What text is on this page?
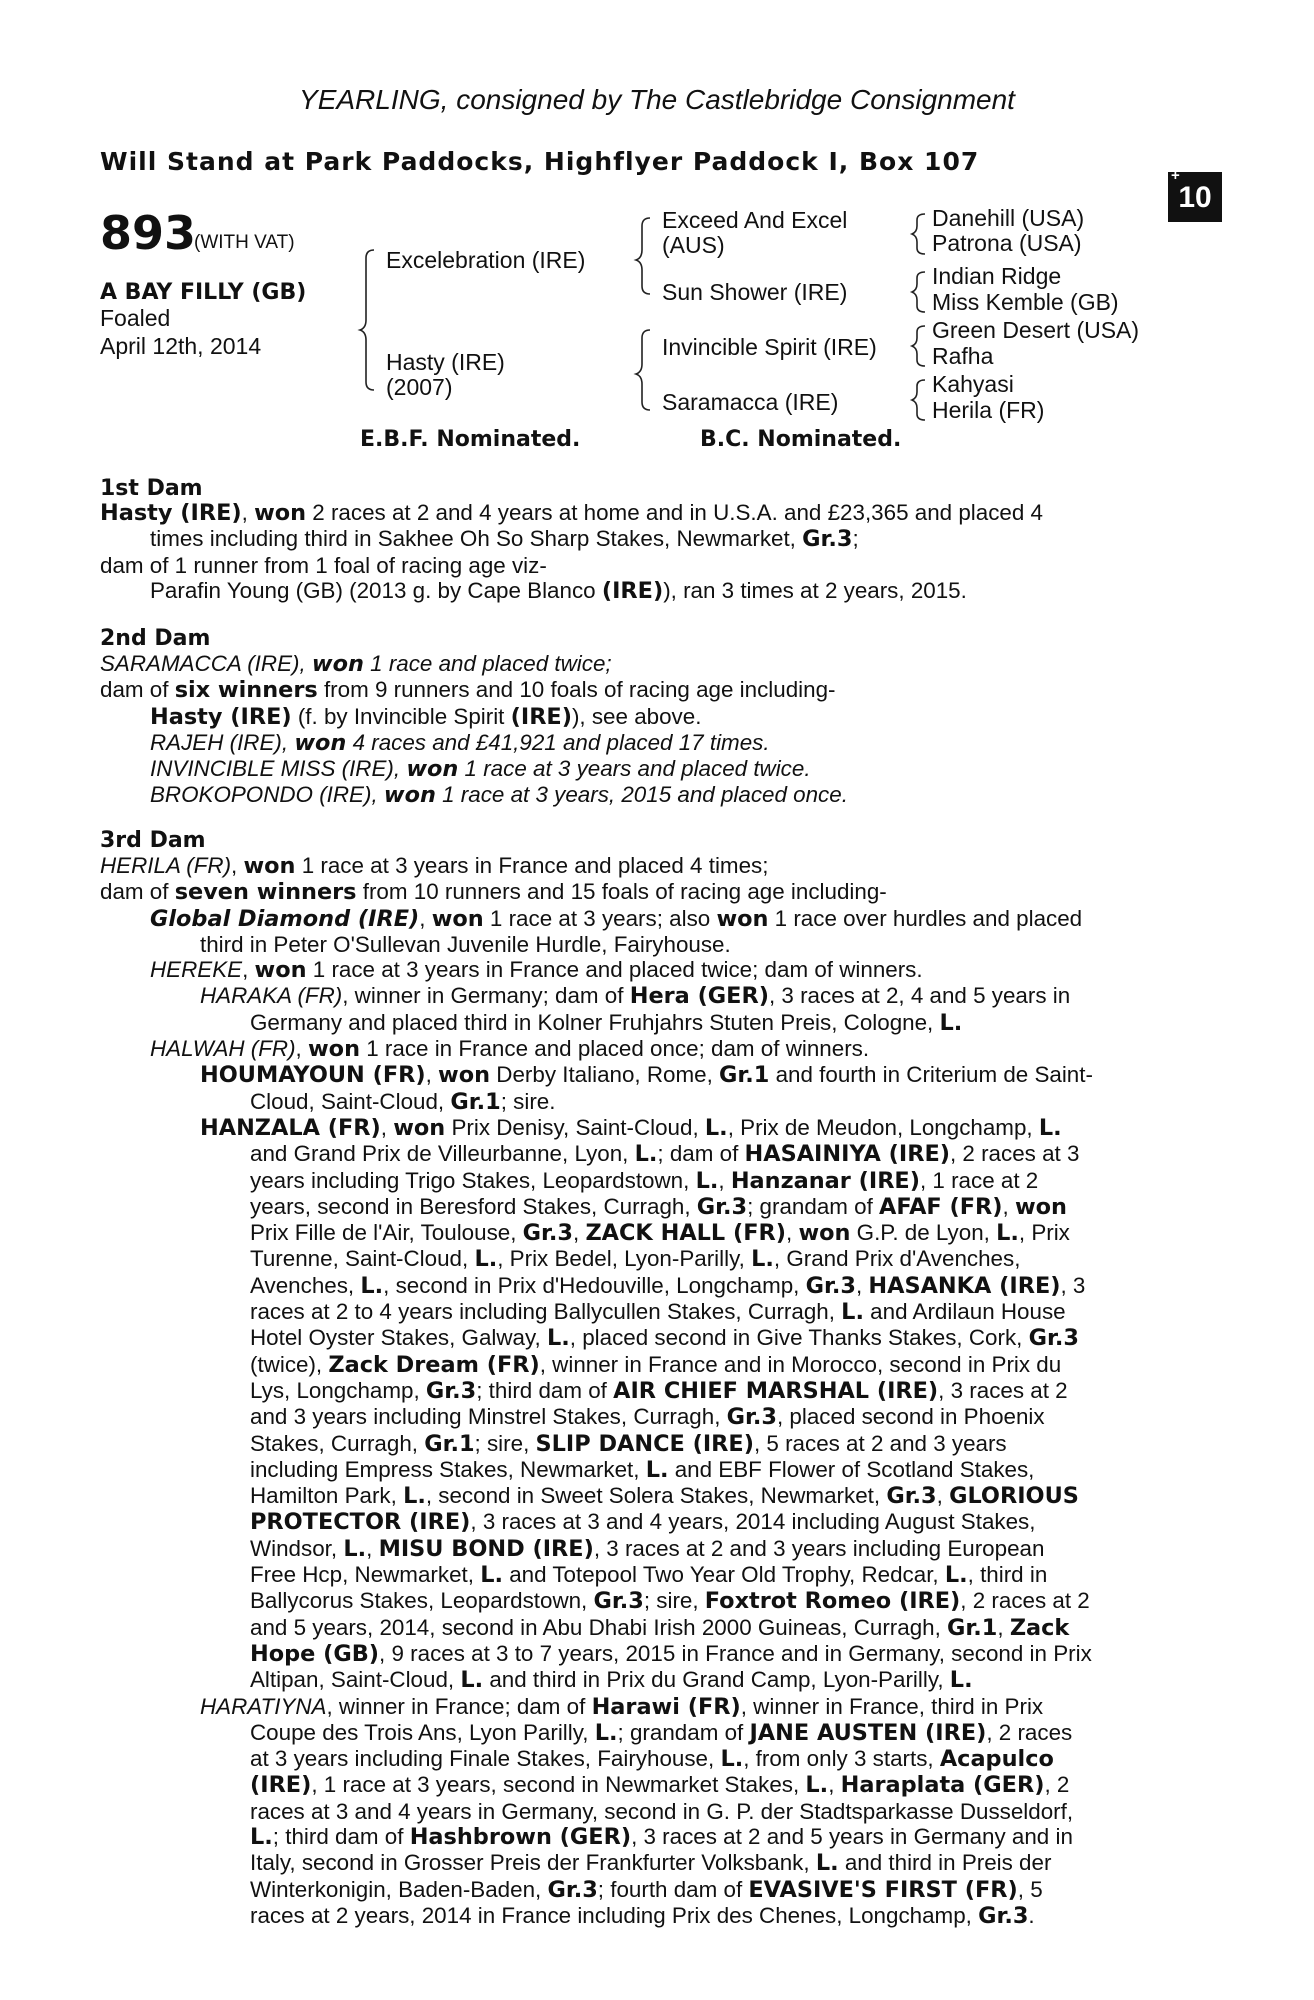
YEARLING, consigned by The Castlebridge Consignment
Will Stand at Park Paddocks, Highflyer Paddock I, Box 107	+
10
893
(WITH VAT)
A BAY FILLY (GB)
Foaled
April 12th, 2014
Excelebration (IRE)
Hasty (IRE)
(2007)
Exceed And Excel
(AUS)
Sun Shower (IRE)
Invincible Spirit (IRE)
Saramacca (IRE)
Danehill (USA)
Patrona (USA)
Indian Ridge
Miss Kemble (GB)
Green Desert (USA)
Rafha
Kahyasi
Herila (FR)
E.B.F. Nominated.	B.C. Nominated.
1st Dam
Hasty (IRE), won 2 races at 2 and 4 years at home and in U.S.A. and £23,365 and placed 4
times including third in Sakhee Oh So Sharp Stakes, Newmarket, Gr.3;
dam of 1 runner from 1 foal of racing age viz-
Parafin Young (GB) (2013 g. by Cape Blanco (IRE)), ran 3 times at 2 years, 2015.
2nd Dam
SARAMACCA (IRE), won 1 race and placed twice;
dam of six winners from 9 runners and 10 foals of racing age including-
Hasty (IRE) (f. by Invincible Spirit (IRE)), see above.
RAJEH (IRE), won 4 races and £41,921 and placed 17 times.
INVINCIBLE MISS (IRE), won 1 race at 3 years and placed twice.
BROKOPONDO (IRE), won 1 race at 3 years, 2015 and placed once.
3rd Dam
HERILA (FR), won 1 race at 3 years in France and placed 4 times;
dam of seven winners from 10 runners and 15 foals of racing age including-
Global Diamond (IRE), won 1 race at 3 years; also won 1 race over hurdles and placed
third in Peter O'Sullevan Juvenile Hurdle, Fairyhouse.
HEREKE, won 1 race at 3 years in France and placed twice; dam of winners.
HARAKA (FR), winner in Germany; dam of Hera (GER), 3 races at 2, 4 and 5 years in
Germany and placed third in Kolner Fruhjahrs Stuten Preis, Cologne, L.
HALWAH (FR), won 1 race in France and placed once; dam of winners.
HOUMAYOUN (FR), won Derby Italiano, Rome, Gr.1 and fourth in Criterium de Saint-
Cloud, Saint-Cloud, Gr.1; sire.
HANZALA (FR), won Prix Denisy, Saint-Cloud, L., Prix de Meudon, Longchamp, L.
and Grand Prix de Villeurbanne, Lyon, L.; dam of HASAINIYA (IRE), 2 races at 3
years including Trigo Stakes, Leopardstown, L., Hanzanar (IRE), 1 race at 2
years, second in Beresford Stakes, Curragh, Gr.3; grandam of AFAF (FR), won
Prix Fille de l'Air, Toulouse, Gr.3, ZACK HALL (FR), won G.P. de Lyon, L., Prix
Turenne, Saint-Cloud, L., Prix Bedel, Lyon-Parilly, L., Grand Prix d'Avenches,
Avenches, L., second in Prix d'Hedouville, Longchamp, Gr.3, HASANKA (IRE), 3
races at 2 to 4 years including Ballycullen Stakes, Curragh, L. and Ardilaun House
Hotel Oyster Stakes, Galway, L., placed second in Give Thanks Stakes, Cork, Gr.3
(twice), Zack Dream (FR), winner in France and in Morocco, second in Prix du
Lys, Longchamp, Gr.3; third dam of AIR CHIEF MARSHAL (IRE), 3 races at 2
and 3 years including Minstrel Stakes, Curragh, Gr.3, placed second in Phoenix
Stakes, Curragh, Gr.1; sire, SLIP DANCE (IRE), 5 races at 2 and 3 years
including Empress Stakes, Newmarket, L. and EBF Flower of Scotland Stakes,
Hamilton Park, L., second in Sweet Solera Stakes, Newmarket, Gr.3, GLORIOUS
PROTECTOR (IRE), 3 races at 3 and 4 years, 2014 including August Stakes,
Windsor, L., MISU BOND (IRE), 3 races at 2 and 3 years including European
Free Hcp, Newmarket, L. and Totepool Two Year Old Trophy, Redcar, L., third in
Ballycorus Stakes, Leopardstown, Gr.3; sire, Foxtrot Romeo (IRE), 2 races at 2
and 5 years, 2014, second in Abu Dhabi Irish 2000 Guineas, Curragh, Gr.1, Zack
Hope (GB), 9 races at 3 to 7 years, 2015 in France and in Germany, second in Prix
Altipan, Saint-Cloud, L. and third in Prix du Grand Camp, Lyon-Parilly, L.
HARATIYNA, winner in France; dam of Harawi (FR), winner in France, third in Prix
Coupe des Trois Ans, Lyon Parilly, L.; grandam of JANE AUSTEN (IRE), 2 races
at 3 years including Finale Stakes, Fairyhouse, L., from only 3 starts, Acapulco
(IRE), 1 race at 3 years, second in Newmarket Stakes, L., Haraplata (GER), 2
races at 3 and 4 years in Germany, second in G. P. der Stadtsparkasse Dusseldorf,
L.; third dam of Hashbrown (GER), 3 races at 2 and 5 years in Germany and in
Italy, second in Grosser Preis der Frankfurter Volksbank, L. and third in Preis der
Winterkonigin, Baden-Baden, Gr.3; fourth dam of EVASIVE'S FIRST (FR), 5
races at 2 years, 2014 in France including Prix des Chenes, Longchamp, Gr.3.
